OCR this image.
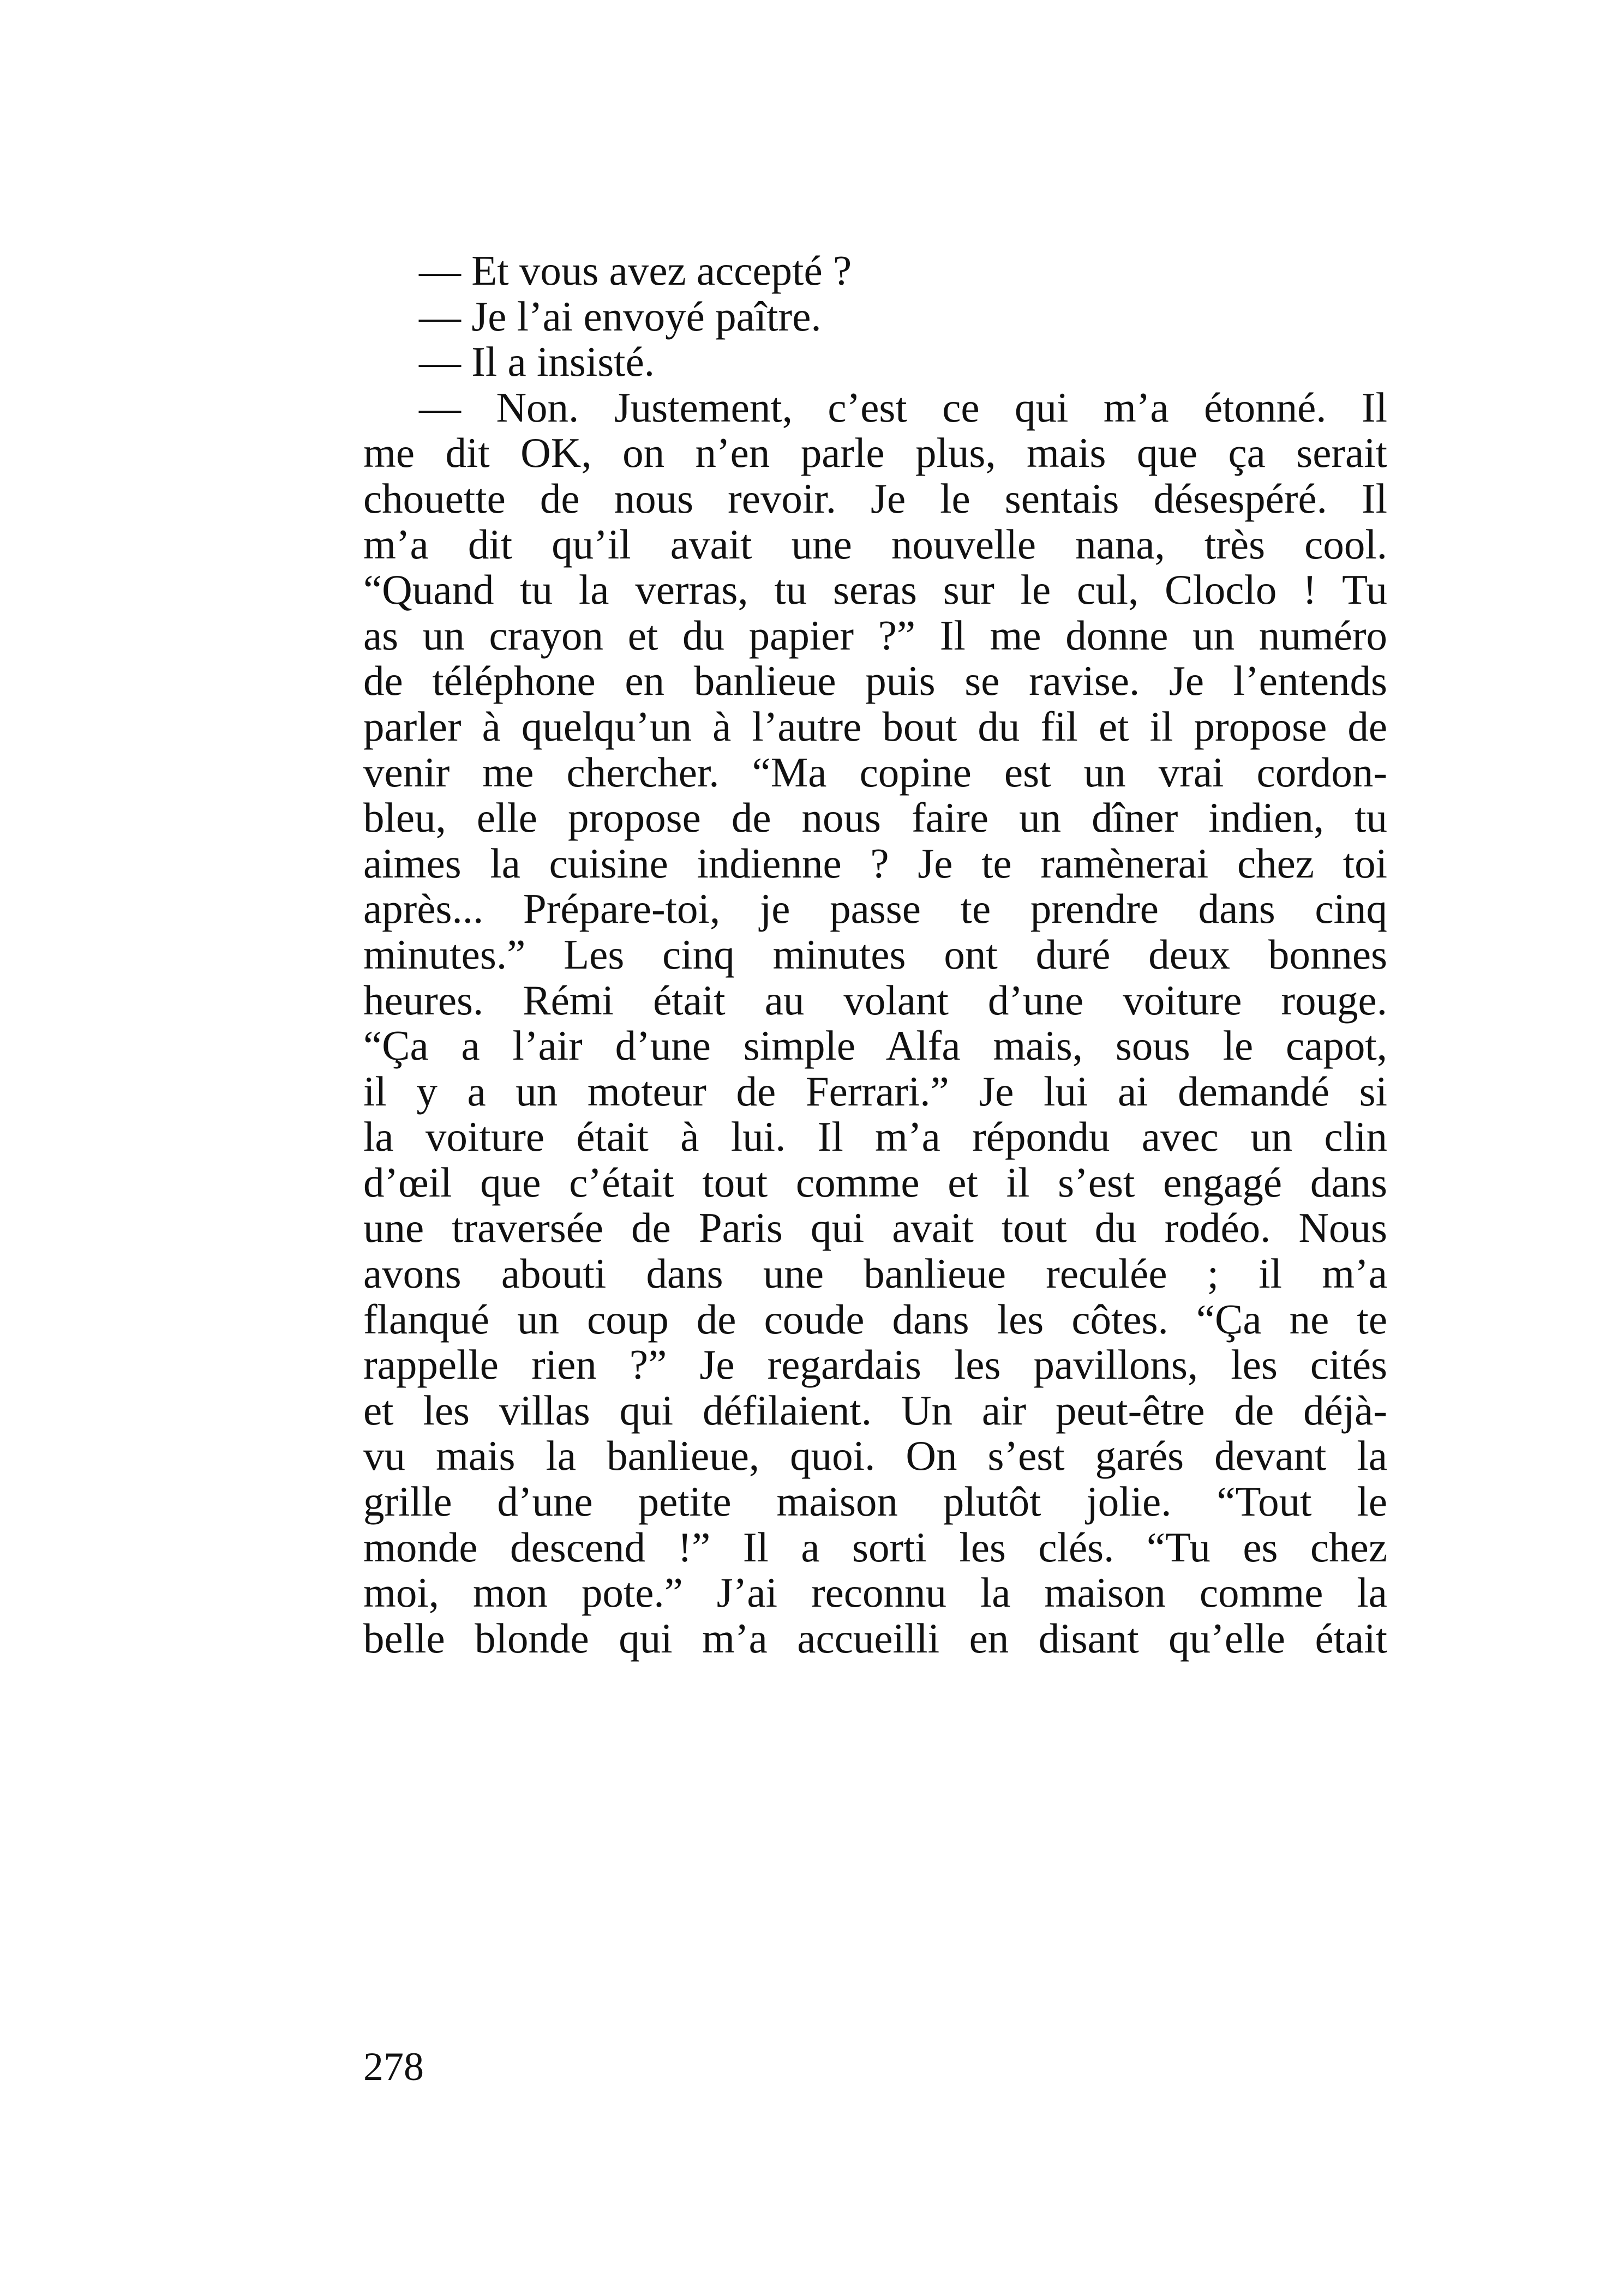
— Et vous avez accepté ?
— Je l’ai envoyé paître.
— Il a insisté.
— Non. Justement, c’est ce qui m’a étonné. Il
me dit OK, on n’en parle plus, mais que ça serait
chouette de nous revoir. Je le sentais désespéré. Il
m’a dit qu’il avait une nouvelle nana, très cool.
“Quand tu la verras, tu seras sur le cul, Cloclo ! Tu
as un crayon et du papier ?” Il me donne un numéro
de téléphone en banlieue puis se ravise. Je l’entends
parler à quelqu’un à l’autre bout du fil et il propose de
venir me chercher. “Ma copine est un vrai cordon-
bleu, elle propose de nous faire un dîner indien, tu
aimes la cuisine indienne ? Je te ramènerai chez toi
après... Prépare-toi, je passe te prendre dans cinq
minutes.” Les cinq minutes ont duré deux bonnes
heures. Rémi était au volant d’une voiture rouge.
“Ça a l’air d’une simple Alfa mais, sous le capot,
il y a un moteur de Ferrari.” Je lui ai demandé si
la voiture était à lui. Il m’a répondu avec un clin
d’œil que c’était tout comme et il s’est engagé dans
une traversée de Paris qui avait tout du rodéo. Nous
avons abouti dans une banlieue reculée ; il m’a
flanqué un coup de coude dans les côtes. “Ça ne te
rappelle rien ?” Je regardais les pavillons, les cités
et les villas qui défilaient. Un air peut-être de déjà-
vu mais la banlieue, quoi. On s’est garés devant la
grille d’une petite maison plutôt jolie. “Tout le
monde descend !” Il a sorti les clés. “Tu es chez
moi, mon pote.” J’ai reconnu la maison comme la
belle blonde qui m’a accueilli en disant qu’elle était
278
